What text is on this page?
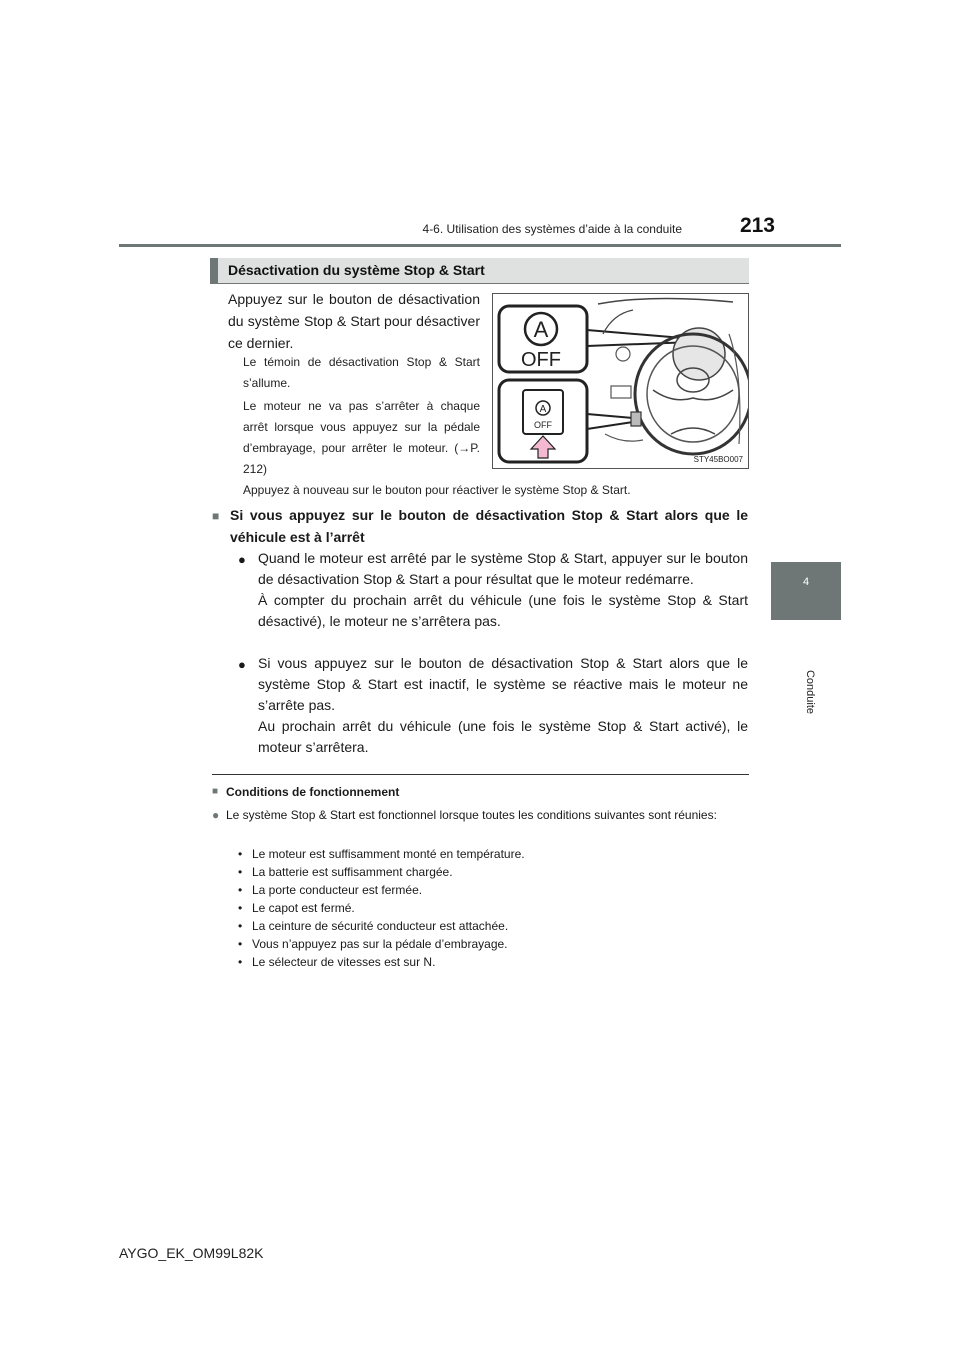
4-6. Utilisation des systèmes d’aide à la conduite	213
4
Conduite
Désactivation du système Stop & Start

Appuyez sur le bouton de désactivation du système Stop & Start pour désactiver ce dernier.

Le témoin de désactivation Stop & Start s’allume.

Le moteur ne va pas s’arrêter à chaque arrêt lorsque vous appuyez sur la pédale d’embrayage, pour arrêter le moteur. (→P. 212)

Appuyez à nouveau sur le bouton pour réactiver le système Stop & Start.

A
OFF
A
OFF
STY45BO007
■ Si vous appuyez sur le bouton de désactivation Stop & Start alors que le véhicule est à l’arrêt
● Quand le moteur est arrêté par le système Stop & Start, appuyer sur le bouton de désactivation Stop & Start a pour résultat que le moteur redémarre.

À compter du prochain arrêt du véhicule (une fois le système Stop & Start désactivé), le moteur ne s’arrêtera pas.

● Si vous appuyez sur le bouton de désactivation Stop & Start alors que le système Stop & Start est inactif, le système se réactive mais le moteur ne s’arrête pas.

Au prochain arrêt du véhicule (une fois le système Stop & Start activé), le moteur s’arrêtera.

■ Conditions de fonctionnement
● Le système Stop & Start est fonctionnel lorsque toutes les conditions suivantes sont réunies:
• Le moteur est suffisamment monté en température.
• La batterie est suffisamment chargée.
• La porte conducteur est fermée.
• Le capot est fermé.
• La ceinture de sécurité conducteur est attachée.
• Vous n’appuyez pas sur la pédale d’embrayage.
• Le sélecteur de vitesses est sur N.
AYGO_EK_OM99L82K
